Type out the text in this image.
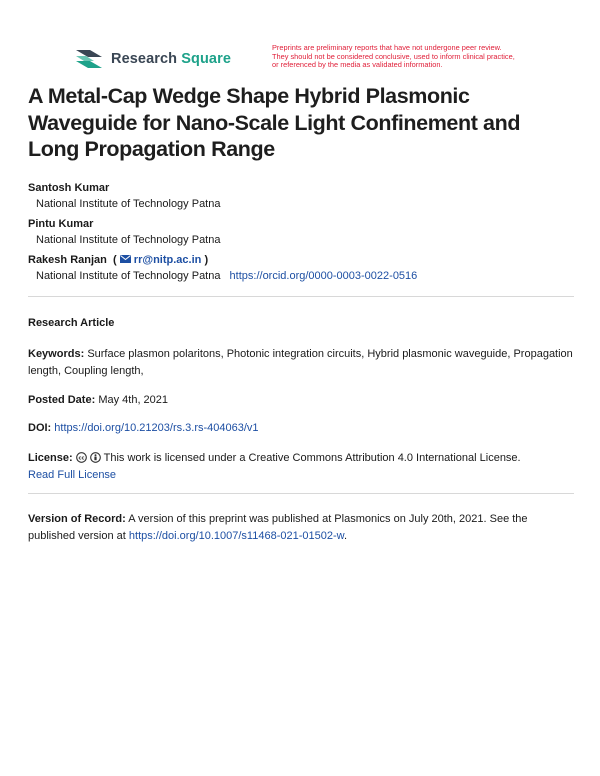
Research Square
Preprints are preliminary reports that have not undergone peer review.
They should not be considered conclusive, used to inform clinical practice,
or referenced by the media as validated information.
A Metal-Cap Wedge Shape Hybrid Plasmonic Waveguide for Nano-Scale Light Confinement and Long Propagation Range
Santosh Kumar
National Institute of Technology Patna
Pintu Kumar
National Institute of Technology Patna
Rakesh Ranjan  ( rr@nitp.ac.in )
National Institute of Technology Patna https://orcid.org/0000-0003-0022-0516
Research Article
Keywords: Surface plasmon polaritons, Photonic integration circuits, Hybrid plasmonic waveguide, Propagation length, Coupling length,
Posted Date: May 4th, 2021
DOI: https://doi.org/10.21203/rs.3.rs-404063/v1
License: cc This work is licensed under a Creative Commons Attribution 4.0 International License.
Read Full License
Version of Record: A version of this preprint was published at Plasmonics on July 20th, 2021. See the published version at https://doi.org/10.1007/s11468-021-01502-w.
